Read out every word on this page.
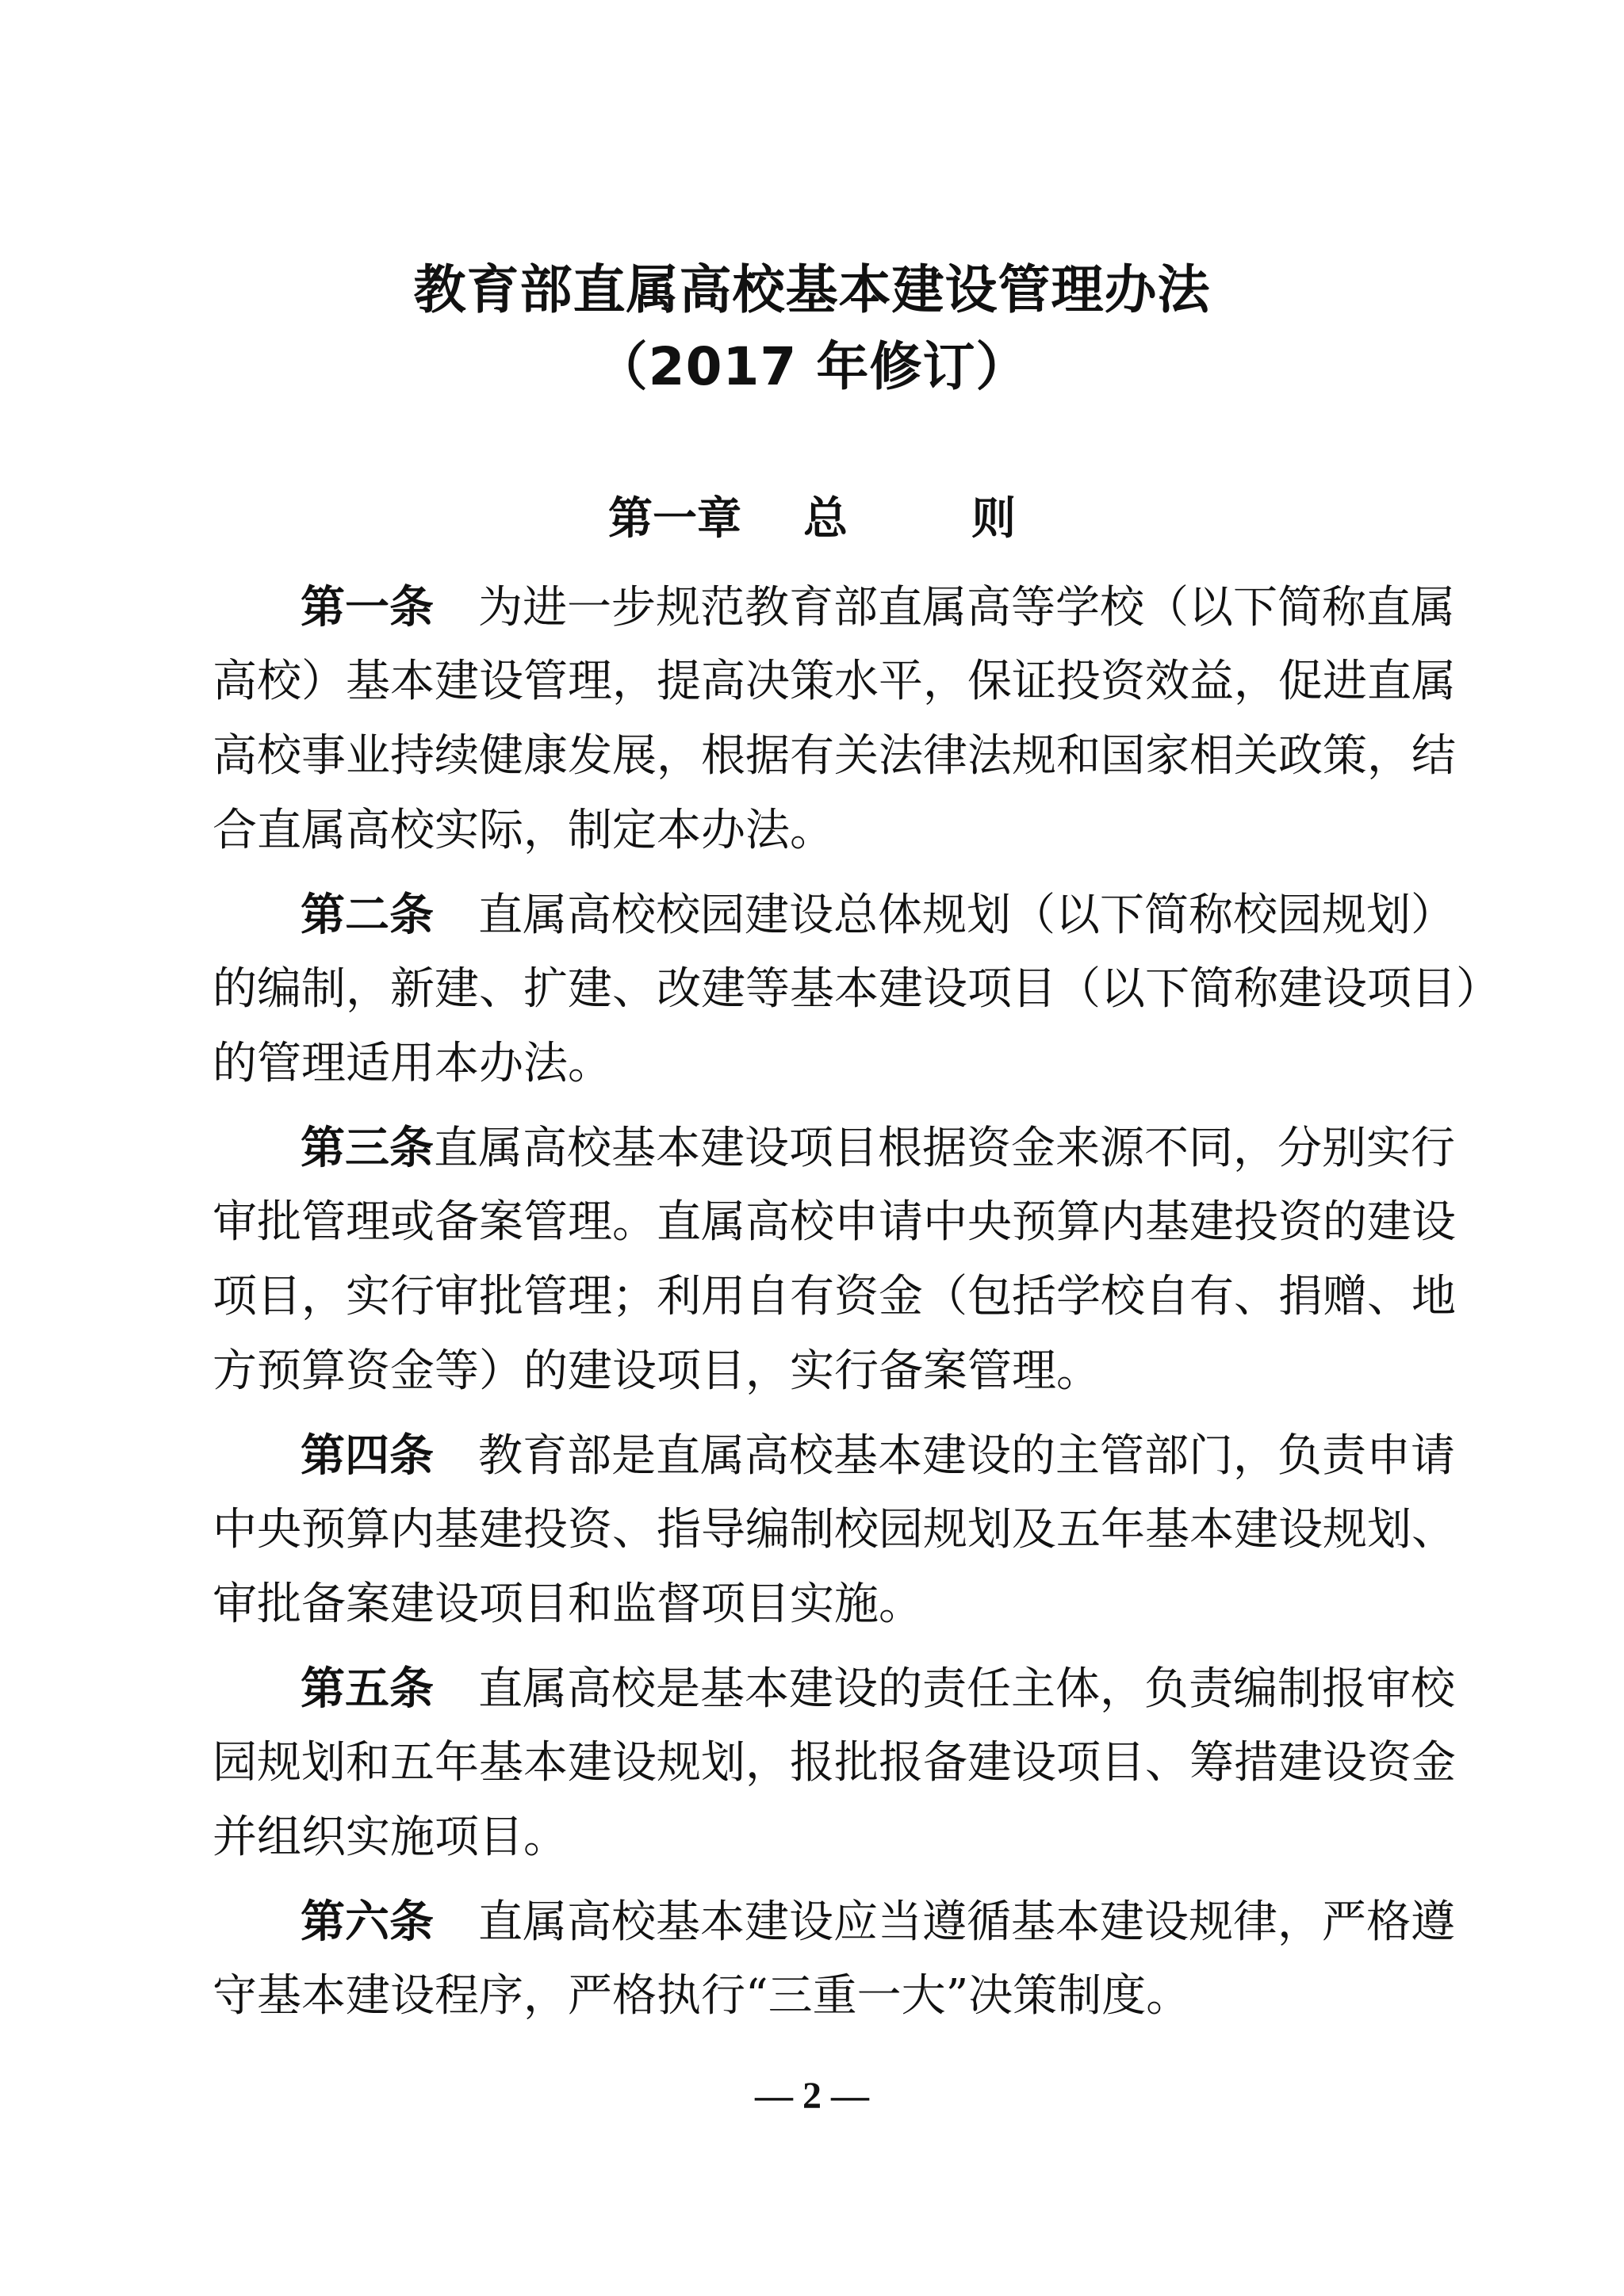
教育部直属高校基本建设管理办法
（2017 年修订）
第一章    总        则
第一条 为进一步规范教育部直属高等学校（以下简称直属
高校）基本建设管理，提高决策水平，保证投资效益，促进直属
高校事业持续健康发展，根据有关法律法规和国家相关政策，结
合直属高校实际，制定本办法。
第二条 直属高校校园建设总体规划（以下简称校园规划）
的编制，新建、扩建、改建等基本建设项目（以下简称建设项目）
的管理适用本办法。
第三条直属高校基本建设项目根据资金来源不同，分别实行
审批管理或备案管理。直属高校申请中央预算内基建投资的建设
项目，实行审批管理；利用自有资金（包括学校自有、捐赠、地
方预算资金等）的建设项目，实行备案管理。
第四条 教育部是直属高校基本建设的主管部门，负责申请
中央预算内基建投资、指导编制校园规划及五年基本建设规划、
审批备案建设项目和监督项目实施。
第五条 直属高校是基本建设的责任主体，负责编制报审校
园规划和五年基本建设规划，报批报备建设项目、筹措建设资金
并组织实施项目。
第六条 直属高校基本建设应当遵循基本建设规律，严格遵
守基本建设程序，严格执行“三重一大”决策制度。
— 2 —
